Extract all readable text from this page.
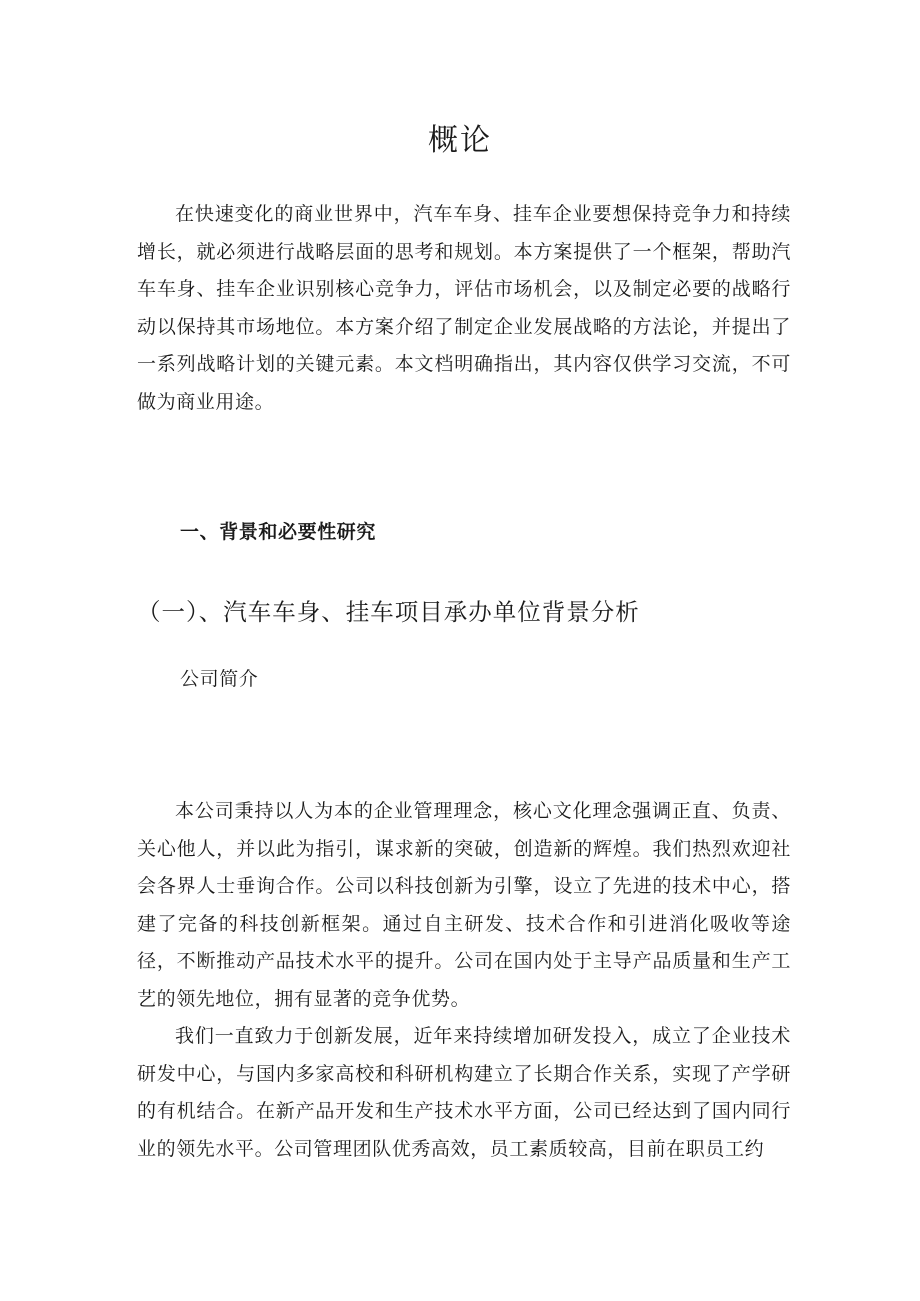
概论

在快速变化的商业世界中，汽车车身、挂车企业要想保持竞争力和持续增长，就必须进行战略层面的思考和规划。本方案提供了一个框架，帮助汽车车身、挂车企业识别核心竞争力，评估市场机会，以及制定必要的战略行动以保持其市场地位。本方案介绍了制定企业发展战略的方法论，并提出了一系列战略计划的关键元素。本文档明确指出，其内容仅供学习交流，不可做为商业用途。

一、背景和必要性研究
（一）、汽车车身、挂车项目承办单位背景分析

公司简介

本公司秉持以人为本的企业管理理念，核心文化理念强调正直、负责、关心他人，并以此为指引，谋求新的突破，创造新的辉煌。我们热烈欢迎社会各界人士垂询合作。公司以科技创新为引擎，设立了先进的技术中心，搭建了完备的科技创新框架。通过自主研发、技术合作和引进消化吸收等途径，不断推动产品技术水平的提升。公司在国内处于主导产品质量和生产工艺的领先地位，拥有显著的竞争优势。

我们一直致力于创新发展，近年来持续增加研发投入，成立了企业技术研发中心，与国内多家高校和科研机构建立了长期合作关系，实现了产学研的有机结合。在新产品开发和生产技术水平方面，公司已经达到了国内同行业的领先水平。公司管理团队优秀高效，员工素质较高，目前在职员工约
